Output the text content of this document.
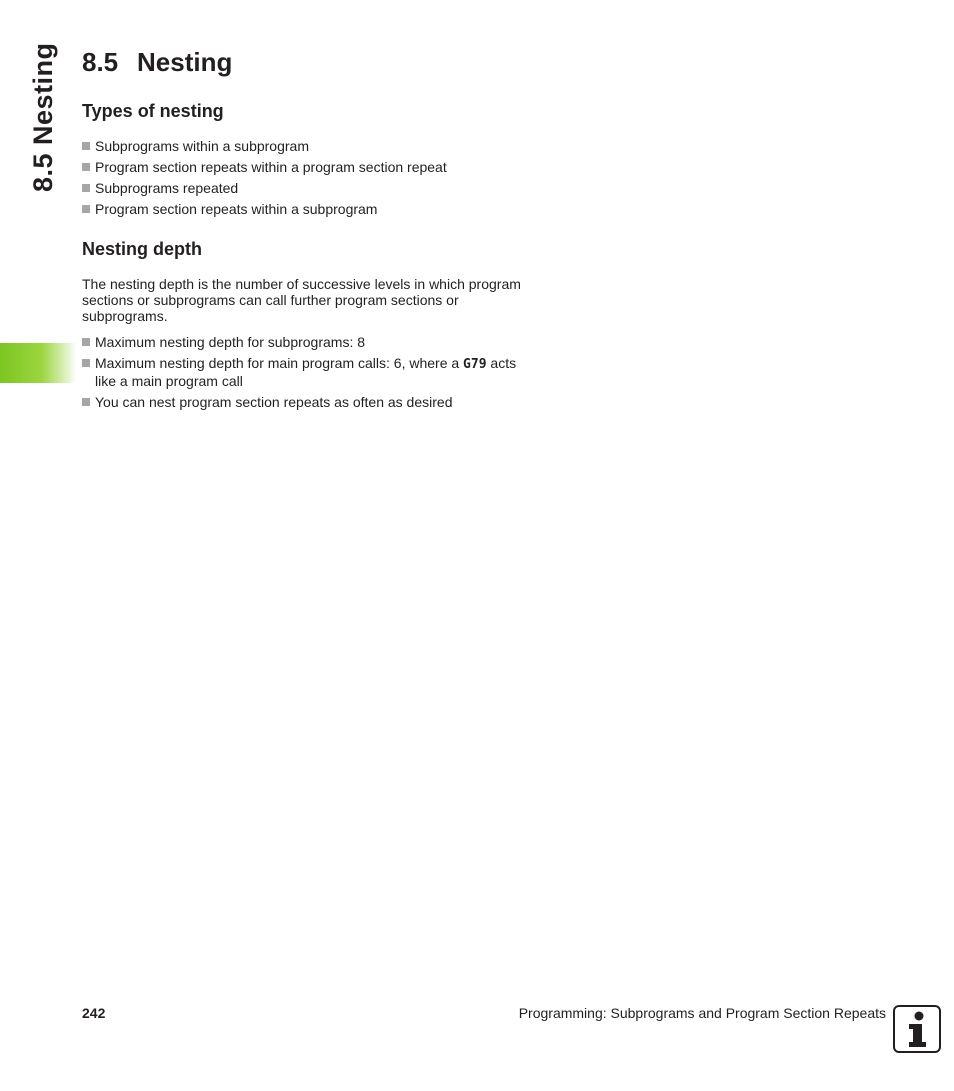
8.5 Nesting 8.5 Nesting
Types of nesting
Subprograms within a subprogram
Program section repeats within a program section repeat
Subprograms repeated
Program section repeats within a subprogram
Nesting depth

The nesting depth is the number of successive levels in which program sections or subprograms can call further program sections or subprograms.

Maximum nesting depth for subprograms: 8
Maximum nesting depth for main program calls: 6, where a G79 acts like a main program call
You can nest program section repeats as often as desired
242	Programming: Subprograms and Program Section Repeats
